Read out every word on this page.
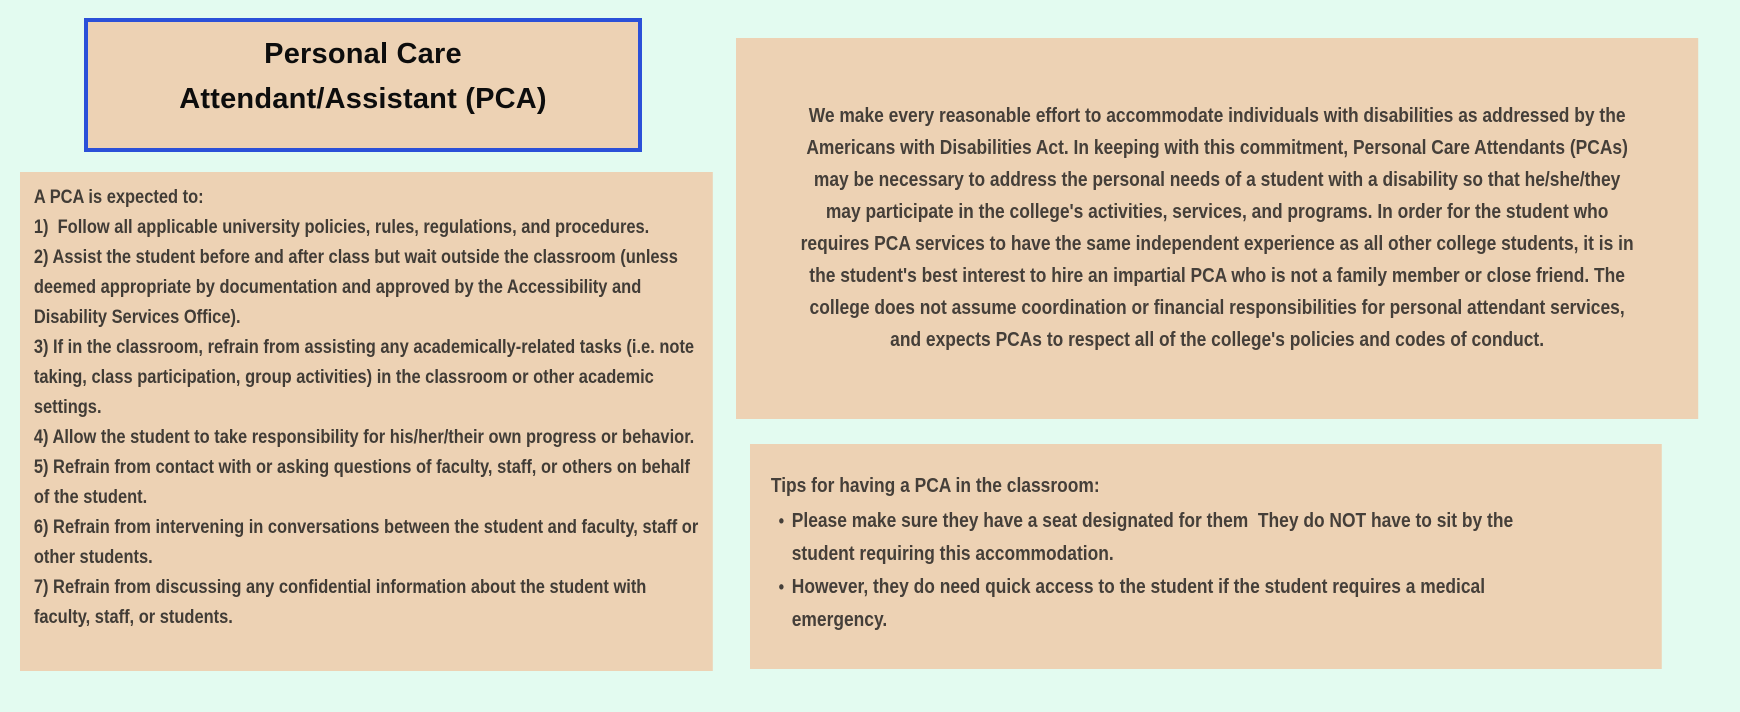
Personal Care
Attendant/Assistant (PCA)
A PCA is expected to:
1)  Follow all applicable university policies, rules, regulations, and procedures.
2) Assist the student before and after class but wait outside the classroom (unless deemed appropriate by documentation and approved by the Accessibility and Disability Services Office).
3) If in the classroom, refrain from assisting any academically-related tasks (i.e. note taking, class participation, group activities) in the classroom or other academic settings.
4) Allow the student to take responsibility for his/her/their own progress or behavior.
5) Refrain from contact with or asking questions of faculty, staff, or others on behalf of the student.
6) Refrain from intervening in conversations between the student and faculty, staff or other students.
7) Refrain from discussing any confidential information about the student with faculty, staff, or students.
We make every reasonable effort to accommodate individuals with disabilities as addressed by the Americans with Disabilities Act. In keeping with this commitment, Personal Care Attendants (PCAs) may be necessary to address the personal needs of a student with a disability so that he/she/they may participate in the college's activities, services, and programs. In order for the student who requires PCA services to have the same independent experience as all other college students, it is in the student's best interest to hire an impartial PCA who is not a family member or close friend. The college does not assume coordination or financial responsibilities for personal attendant services, and expects PCAs to respect all of the college's policies and codes of conduct.
Tips for having a PCA in the classroom:
• Please make sure they have a seat designated for them  They do NOT have to sit by the student requiring this accommodation.
• However, they do need quick access to the student if the student requires a medical emergency.
